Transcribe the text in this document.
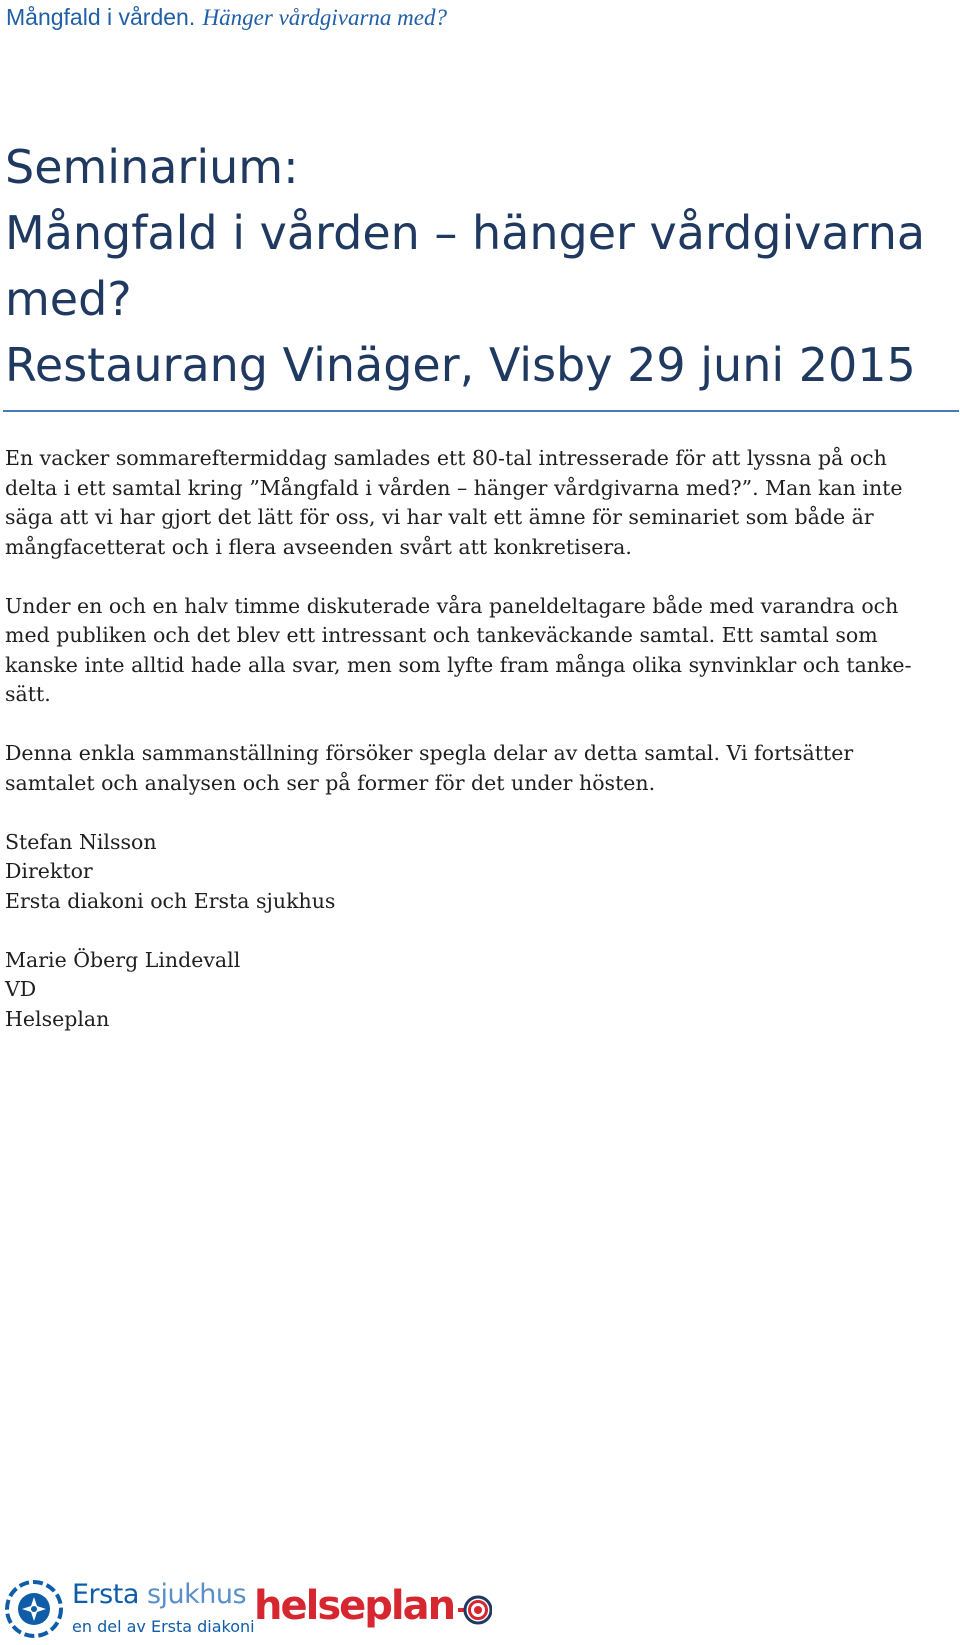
Mångfald i vården. Hänger vårdgivarna med?
Seminarium:
Mångfald i vården – hänger vårdgivarna
med?
Restaurang Vinäger, Visby 29 juni 2015

En vacker sommareftermiddag samlades ett 80-tal intresserade för att lyssna på och
delta i ett samtal kring ”Mångfald i vården – hänger vårdgivarna med?”. Man kan inte
säga att vi har gjort det lätt för oss, vi har valt ett ämne för seminariet som både är
mångfacetterat och i flera avseenden svårt att konkretisera.

Under en och en halv timme diskuterade våra paneldeltagare både med varandra och
med publiken och det blev ett intressant och tankeväckande samtal. Ett samtal som
kanske inte alltid hade alla svar, men som lyfte fram många olika synvinklar och tanke-
sätt.

Denna enkla sammanställning försöker spegla delar av detta samtal. Vi fortsätter
samtalet och analysen och ser på former för det under hösten.

Stefan Nilsson
Direktor
Ersta diakoni och Ersta sjukhus
Marie Öberg Lindevall
VD
Helseplan
Ersta sjukhus
en del av Ersta diakoni helseplan
